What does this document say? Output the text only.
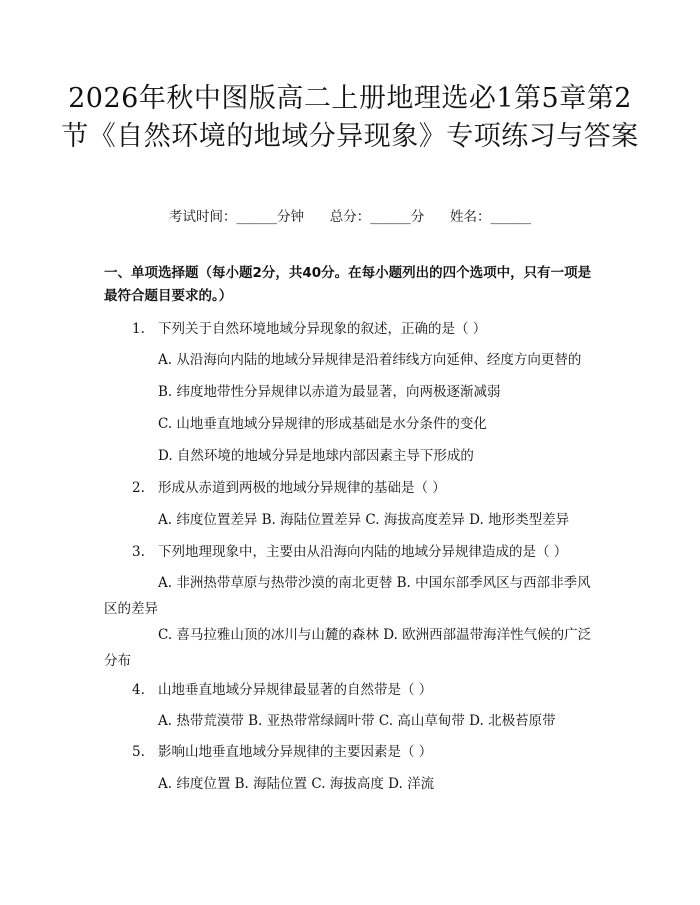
2026年秋中图版高二上册地理选必1第5章第2节《自然环境的地域分异现象》专项练习与答案
考试时间：______分钟 总分：______分 姓名：______
一、单项选择题（每小题2分，共40分。在每小题列出的四个选项中，只有一项是最符合题目要求的。）
1. 下列关于自然环境地域分异现象的叙述，正确的是（ ）
A. 从沿海向内陆的地域分异规律是沿着纬线方向延伸、经度方向更替的
B. 纬度地带性分异规律以赤道为最显著，向两极逐渐减弱
C. 山地垂直地域分异规律的形成基础是水分条件的变化
D. 自然环境的地域分异是地球内部因素主导下形成的
2. 形成从赤道到两极的地域分异规律的基础是（ ）
A. 纬度位置差异 B. 海陆位置差异 C. 海拔高度差异 D. 地形类型差异
3. 下列地理现象中，主要由从沿海向内陆的地域分异规律造成的是（ ）
A. 非洲热带草原与热带沙漠的南北更替 B. 中国东部季风区与西部非季风区的差异
C. 喜马拉雅山顶的冰川与山麓的森林 D. 欧洲西部温带海洋性气候的广泛分布
4. 山地垂直地域分异规律最显著的自然带是（ ）
A. 热带荒漠带 B. 亚热带常绿阔叶带 C. 高山草甸带 D. 北极苔原带
5. 影响山地垂直地域分异规律的主要因素是（ ）
A. 纬度位置 B. 海陆位置 C. 海拔高度 D. 洋流
